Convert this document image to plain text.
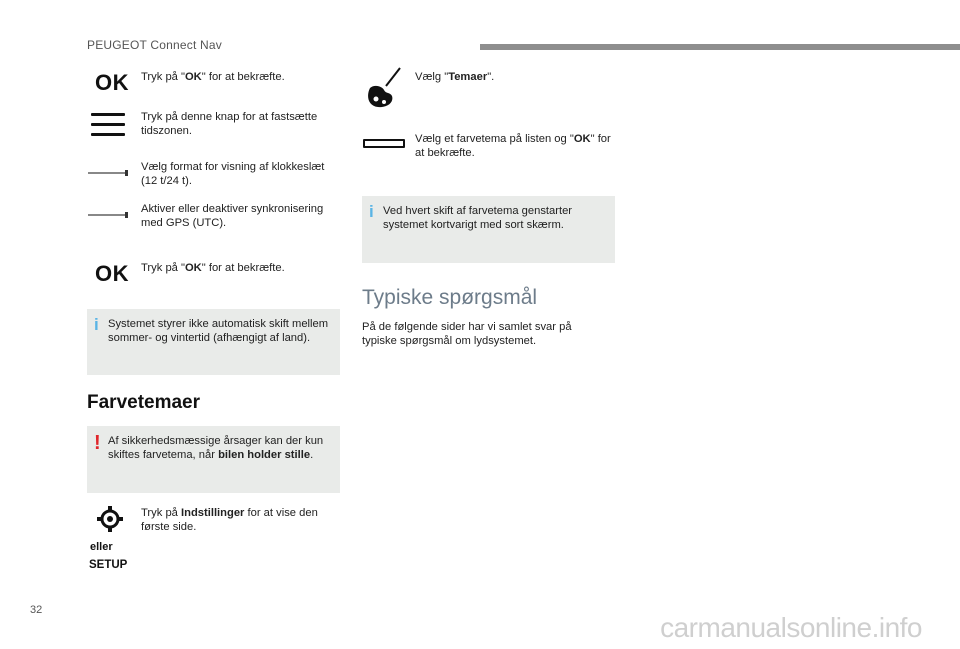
PEUGEOT Connect Nav
OK Tryk på "OK" for at bekræfte.
Tryk på denne knap for at fastsætte tidszonen.
Vælg format for visning af klokkeslæt (12 t/24 t).
Aktiver eller deaktiver synkronisering med GPS (UTC).
OK Tryk på "OK" for at bekræfte.
i Systemet styrer ikke automatisk skift mellem sommer- og vintertid (afhængigt af land).
Farvetemaer
! Af sikkerhedsmæssige årsager kan der kun skiftes farvetema, når bilen holder stille.
Tryk på Indstillinger for at vise den første side.
eller
SETUP
Vælg "Temaer".
Vælg et farvetema på listen og "OK" for at bekræfte.
i Ved hvert skift af farvetema genstarter systemet kortvarigt med sort skærm.
Typiske spørgsmål
På de følgende sider har vi samlet svar på typiske spørgsmål om lydsystemet.
32
carmanualsonline.info
